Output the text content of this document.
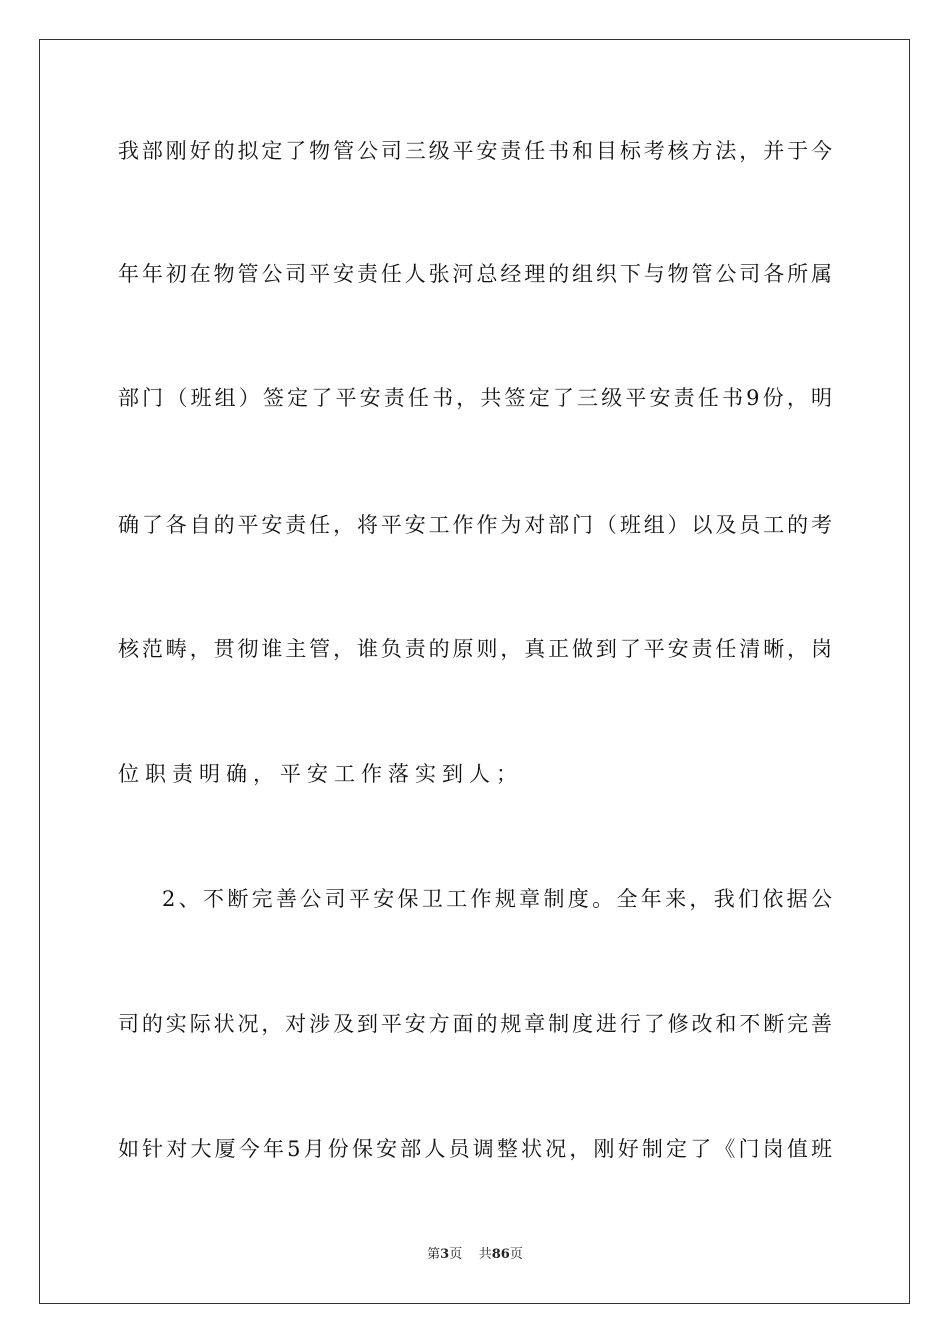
我部刚好的拟定了物管公司三级平安责任书和目标考核方法，并于今
年年初在物管公司平安责任人张河总经理的组织下与物管公司各所属
部门（班组）签定了平安责任书，共签定了三级平安责任书9份，明
确了各自的平安责任，将平安工作作为对部门（班组）以及员工的考
核范畴，贯彻谁主管，谁负责的原则，真正做到了平安责任清晰，岗
位职责明确，平安工作落实到人；
2、不断完善公司平安保卫工作规章制度。全年来，我们依据公
司的实际状况，对涉及到平安方面的规章制度进行了修改和不断完善
如针对大厦今年5月份保安部人员调整状况，刚好制定了《门岗值班
第3页 共86页
